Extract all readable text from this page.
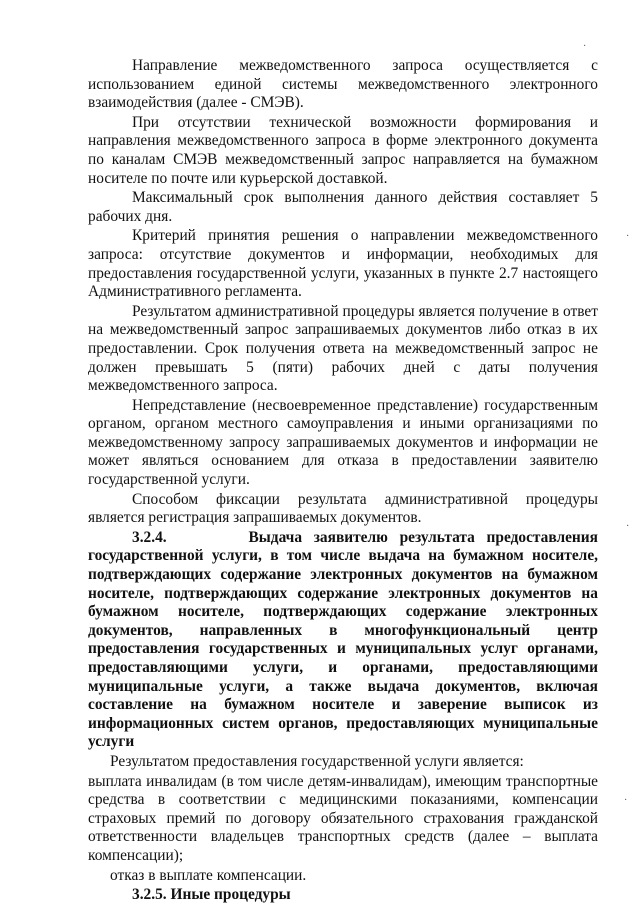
·
·
·
·

Направление межведомственного запроса осуществляется с использованием единой системы межведомственного электронного взаимодействия (далее - СМЭВ).

При отсутствии технической возможности формирования и направления межведомственного запроса в форме электронного документа по каналам СМЭВ межведомственный запрос направляется на бумажном носителе по почте или курьерской доставкой.

Максимальный срок выполнения данного действия составляет 5 рабочих дня.

Критерий принятия решения о направлении межведомственного запроса: отсутствие документов и информации, необходимых для предоставления государственной услуги, указанных в пункте 2.7 настоящего Административного регламента.

Результатом административной процедуры является получение в ответ на межведомственный запрос запрашиваемых документов либо отказ в их предоставлении. Срок получения ответа на межведомственный запрос не должен превышать 5 (пяти) рабочих дней с даты получения межведомственного запроса.

Непредставление (несвоевременное представление) государственным органом, органом местного самоуправления и иными организациями по межведомственному запросу запрашиваемых документов и информации не может являться основанием для отказа в предоставлении заявителю государственной услуги.

Способом фиксации результата административной процедуры является регистрация запрашиваемых документов.

3.2.4.	Выдача заявителю результата предоставления государственной услуги, в том числе выдача на бумажном носителе, подтверждающих содержание электронных документов на бумажном носителе, подтверждающих содержание электронных документов на бумажном носителе, подтверждающих содержание электронных документов, направленных в многофункциональный центр предоставления государственных и муниципальных услуг органами, предоставляющими услуги, и органами, предоставляющими муниципальные услуги, а также выдача документов, включая составление на бумажном носителе и заверение выписок из информационных систем органов, предоставляющих муниципальные услуги

Результатом предоставления государственной услуги является:

выплата инвалидам (в том числе детям-инвалидам), имеющим транспортные средства в соответствии с медицинскими показаниями, компенсации страховых премий по договору обязательного страхования гражданской ответственности владельцев транспортных средств (далее – выплата компенсации);

отказ в выплате компенсации.

3.2.5. Иные процедуры
